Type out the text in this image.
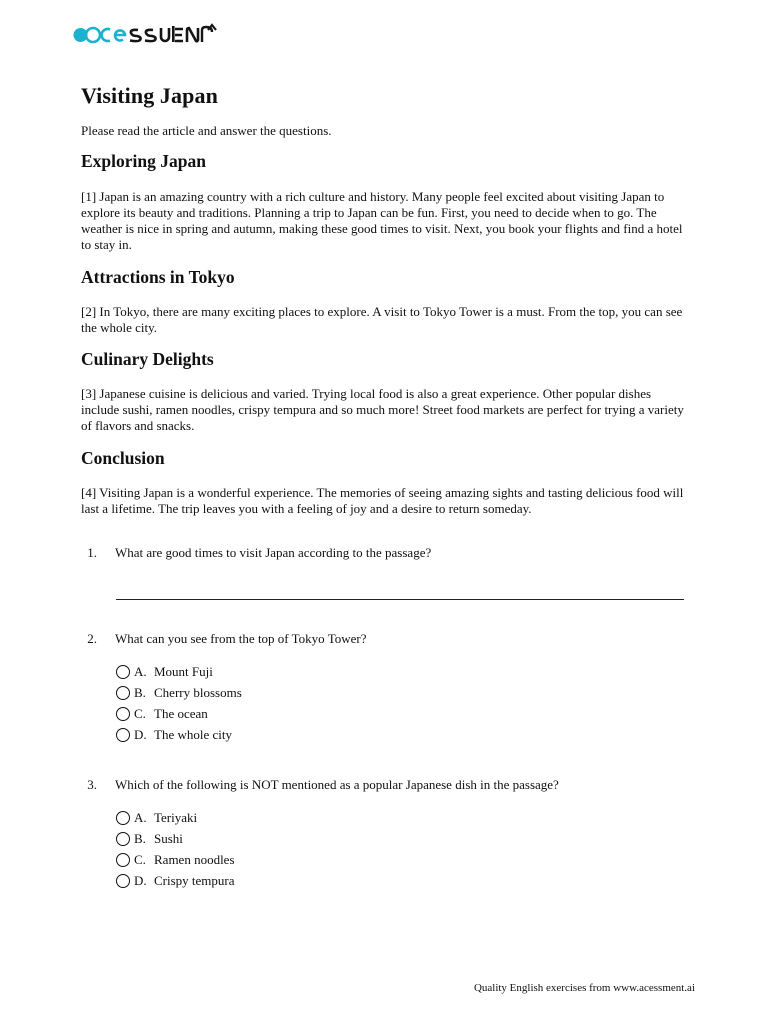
Visiting Japan

Please read the article and answer the questions.

Exploring Japan

[1] Japan is an amazing country with a rich culture and history. Many people feel excited about visiting Japan to explore its beauty and traditions. Planning a trip to Japan can be fun. First, you need to decide when to go. The weather is nice in spring and autumn, making these good times to visit. Next, you book your flights and find a hotel to stay in.

Attractions in Tokyo

[2] In Tokyo, there are many exciting places to explore. A visit to Tokyo Tower is a must. From the top, you can see the whole city.

Culinary Delights

[3] Japanese cuisine is delicious and varied. Trying local food is also a great experience. Other popular dishes include sushi, ramen noodles, crispy tempura and so much more! Street food markets are perfect for trying a variety of flavors and snacks.

Conclusion

[4] Visiting Japan is a wonderful experience. The memories of seeing amazing sights and tasting delicious food will last a lifetime. The trip leaves you with a feeling of joy and a desire to return someday.

1. What are good times to visit Japan according to the passage?
2. What can you see from the top of Tokyo Tower?
A. Mount Fuji
B. Cherry blossoms
C. The ocean
D. The whole city
3. Which of the following is NOT mentioned as a popular Japanese dish in the passage?
A. Teriyaki
B. Sushi
C. Ramen noodles
D. Crispy tempura
Quality English exercises from www.acessment.ai
